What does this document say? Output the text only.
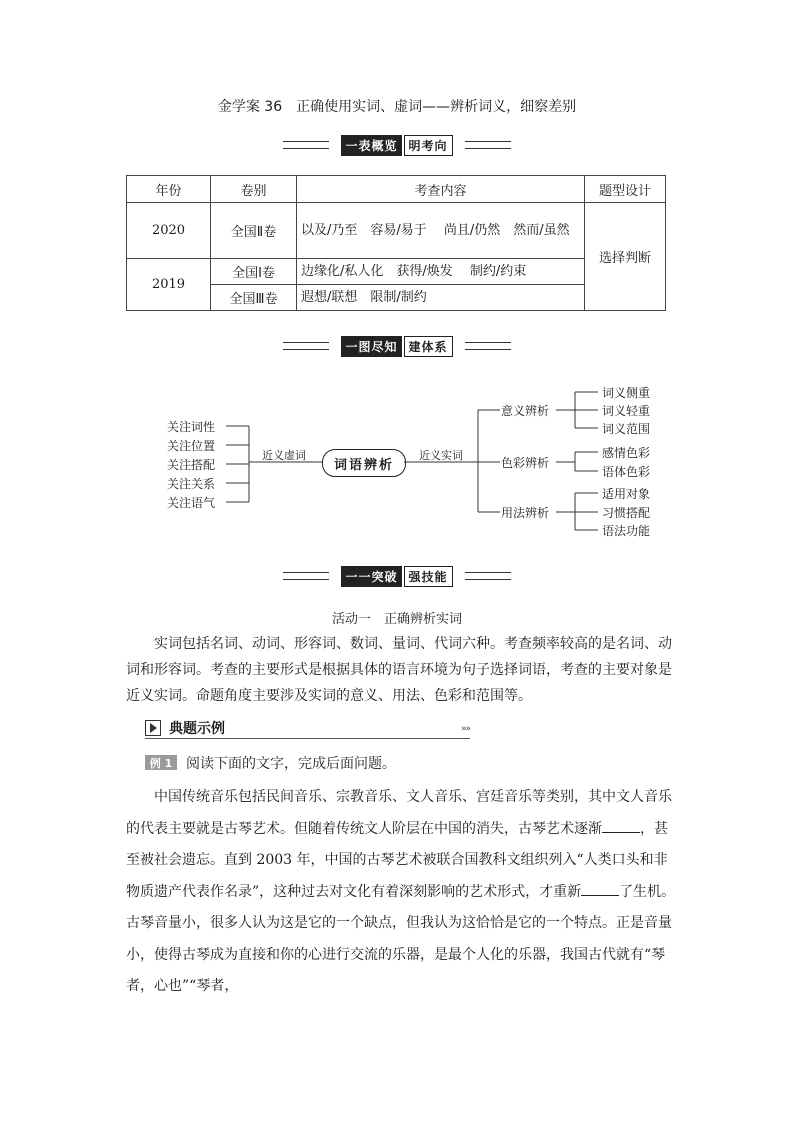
金学案 36　正确使用实词、虚词——辨析词义，细察差别
一表概览 明考向
年份	卷别	考查内容	题型设计
2020	全国Ⅱ卷	以及/乃至　容易/易于　 尚且/仍然　然而/虽然	选择判断
2019	全国Ⅰ卷	边缘化/私人化　获得/焕发　 制约/约束	
	全国Ⅲ卷	遐想/联想　限制/制约	
一图尽知 建体系
关注词性
关注位置
关注搭配
关注关系
关注语气
近义虚词
词语辨析
近义实词
意义辨析
色彩辨析
用法辨析
词义侧重
词义轻重
词义范围
感情色彩
语体色彩
适用对象
习惯搭配
语法功能
一一突破 强技能
活动一　正确辨析实词
实词包括名词、动词、形容词、数词、量词、代词六种。考查频率较高的是名词、动词和形容词。考查的主要形式是根据具体的语言环境为句子选择词语，考查的主要对象是近义实词。命题角度主要涉及实词的意义、用法、色彩和范围等。
典题示例	»»
例 1 阅读下面的文字，完成后面问题。
中国传统音乐包括民间音乐、宗教音乐、文人音乐、宫廷音乐等类别，其中文人音乐的代表主要就是古琴艺术。但随着传统文人阶层在中国的消失，古琴艺术逐渐	，甚至被社会遗忘。直到 2003 年，中国的古琴艺术被联合国教科文组织列入“人类口头和非物质遗产代表作名录”，这种过去对文化有着深刻影响的艺术形式，才重新	了生机。古琴音量小，很多人认为这是它的一个缺点，但我认为这恰恰是它的一个特点。正是音量小，使得古琴成为直接和你的心进行交流的乐器，是最个人化的乐器，我国古代就有“琴者，心也”“琴者，
